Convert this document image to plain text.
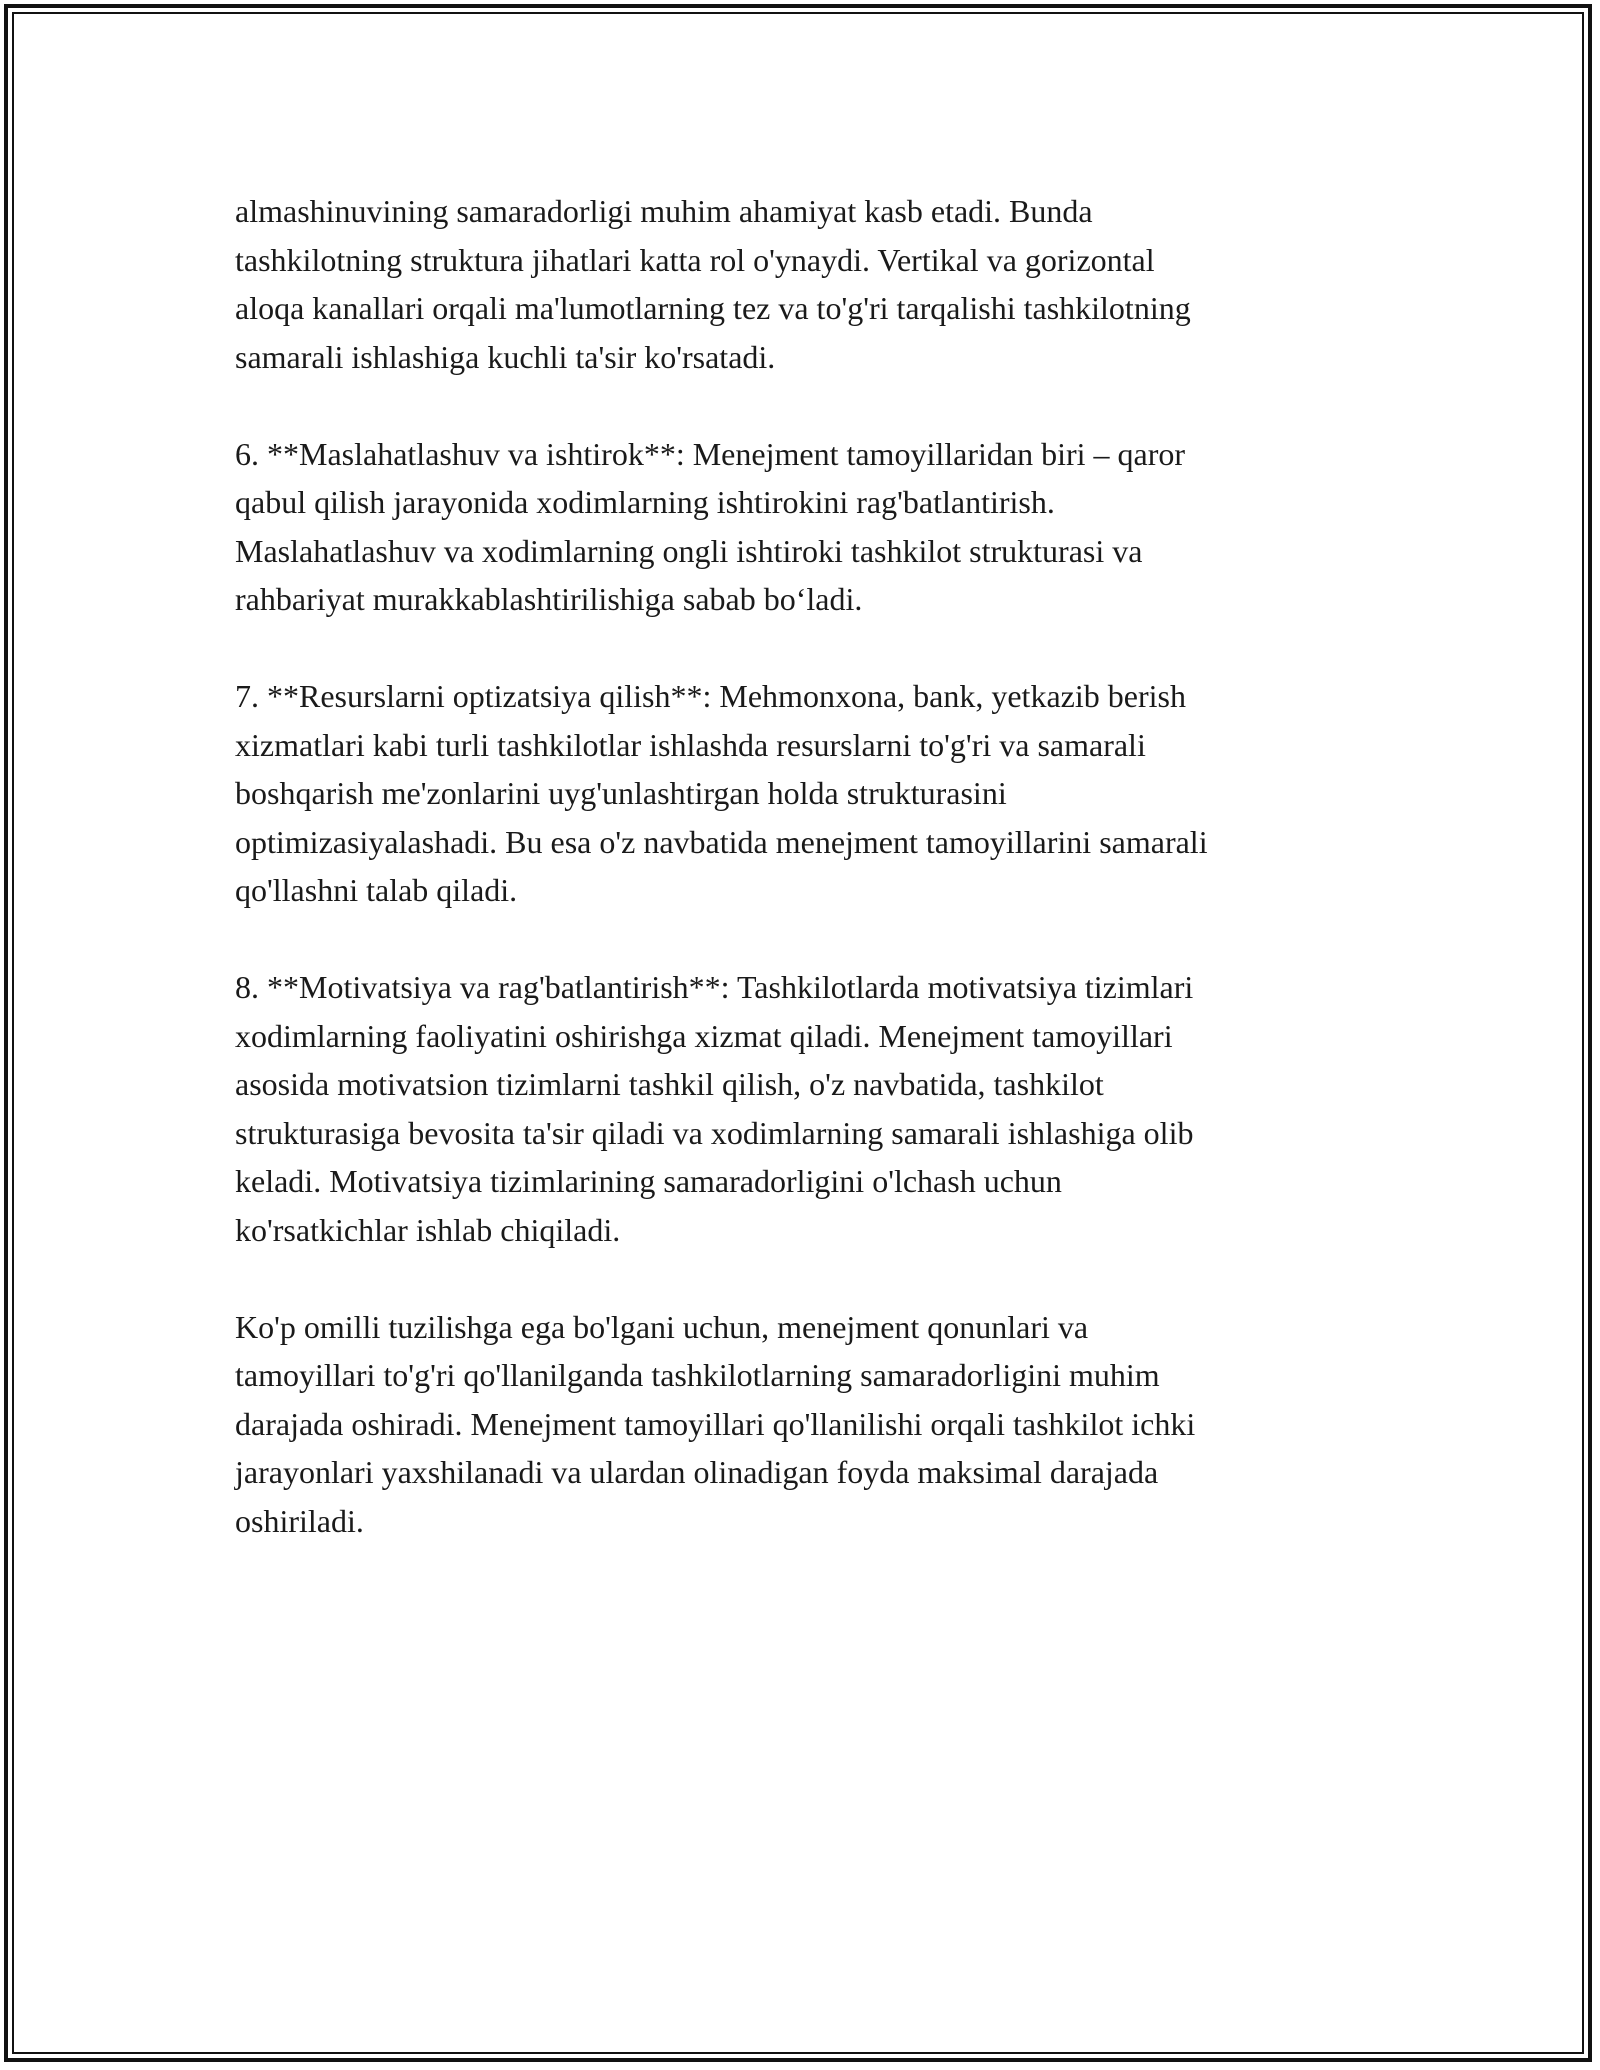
almashinuvining samaradorligi muhim ahamiyat kasb etadi. Bunda
tashkilotning struktura jihatlari katta rol o'ynaydi. Vertikal va gorizontal
aloqa kanallari orqali ma'lumotlarning tez va to'g'ri tarqalishi tashkilotning
samarali ishlashiga kuchli ta'sir ko'rsatadi.

6. **Maslahatlashuv va ishtirok**: Menejment tamoyillaridan biri – qaror
qabul qilish jarayonida xodimlarning ishtirokini rag'batlantirish.
Maslahatlashuv va xodimlarning ongli ishtiroki tashkilot strukturasi va
rahbariyat murakkablashtirilishiga sabab bo‘ladi.

7. **Resurslarni optizatsiya qilish**: Mehmonxona, bank, yetkazib berish
xizmatlari kabi turli tashkilotlar ishlashda resurslarni to'g'ri va samarali
boshqarish me'zonlarini uyg'unlashtirgan holda strukturasini
optimizasiyalashadi. Bu esa o'z navbatida menejment tamoyillarini samarali
qo'llashni talab qiladi.

8. **Motivatsiya va rag'batlantirish**: Tashkilotlarda motivatsiya tizimlari
xodimlarning faoliyatini oshirishga xizmat qiladi. Menejment tamoyillari
asosida motivatsion tizimlarni tashkil qilish, o'z navbatida, tashkilot
strukturasiga bevosita ta'sir qiladi va xodimlarning samarali ishlashiga olib
keladi. Motivatsiya tizimlarining samaradorligini o'lchash uchun
ko'rsatkichlar ishlab chiqiladi.

Ko'p omilli tuzilishga ega bo'lgani uchun, menejment qonunlari va
tamoyillari to'g'ri qo'llanilganda tashkilotlarning samaradorligini muhim
darajada oshiradi. Menejment tamoyillari qo'llanilishi orqali tashkilot ichki
jarayonlari yaxshilanadi va ulardan olinadigan foyda maksimal darajada
oshiriladi.
